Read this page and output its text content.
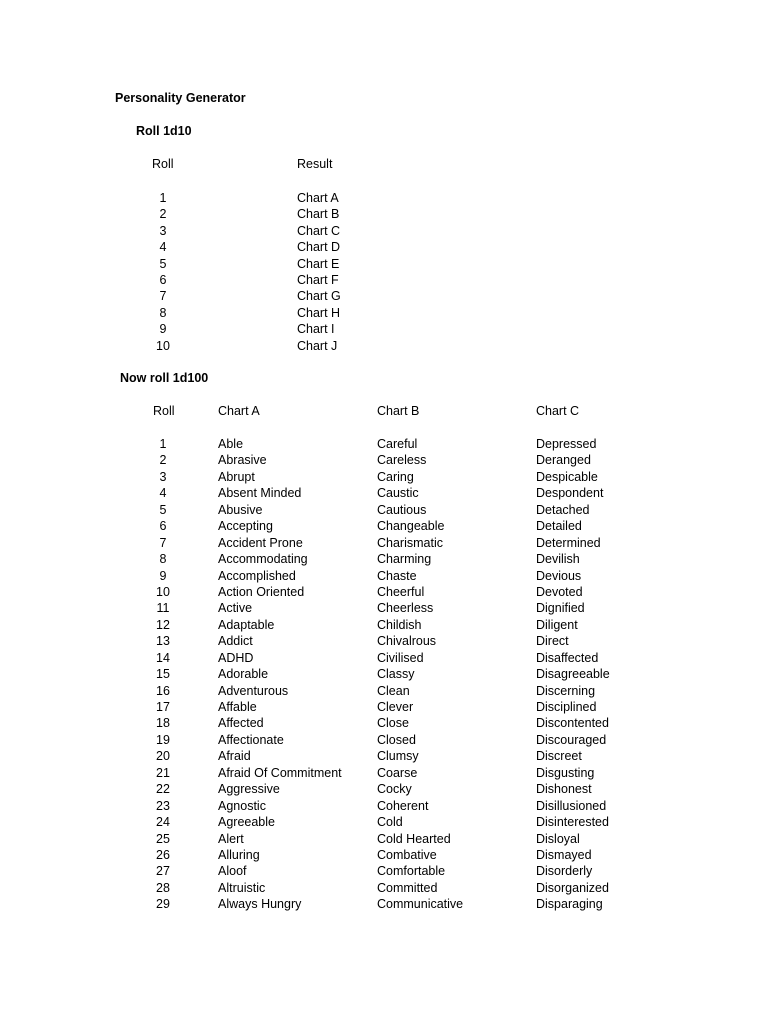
Personality Generator
Roll 1d10
Roll	Result
1	Chart A
2	Chart B
3	Chart C
4	Chart D
5	Chart E
6	Chart F
7	Chart G
8	Chart H
9	Chart I
10	Chart J
Now roll 1d100
Roll	Chart A	Chart B	Chart C
1	Able	Careful	Depressed
2	Abrasive	Careless	Deranged
3	Abrupt	Caring	Despicable
4	Absent Minded	Caustic	Despondent
5	Abusive	Cautious	Detached
6	Accepting	Changeable	Detailed
7	Accident Prone	Charismatic	Determined
8	Accommodating	Charming	Devilish
9	Accomplished	Chaste	Devious
10	Action Oriented	Cheerful	Devoted
11	Active	Cheerless	Dignified
12	Adaptable	Childish	Diligent
13	Addict	Chivalrous	Direct
14	ADHD	Civilised	Disaffected
15	Adorable	Classy	Disagreeable
16	Adventurous	Clean	Discerning
17	Affable	Clever	Disciplined
18	Affected	Close	Discontented
19	Affectionate	Closed	Discouraged
20	Afraid	Clumsy	Discreet
21	Afraid Of Commitment	Coarse	Disgusting
22	Aggressive	Cocky	Dishonest
23	Agnostic	Coherent	Disillusioned
24	Agreeable	Cold	Disinterested
25	Alert	Cold Hearted	Disloyal
26	Alluring	Combative	Dismayed
27	Aloof	Comfortable	Disorderly
28	Altruistic	Committed	Disorganized
29	Always Hungry	Communicative	Disparaging
